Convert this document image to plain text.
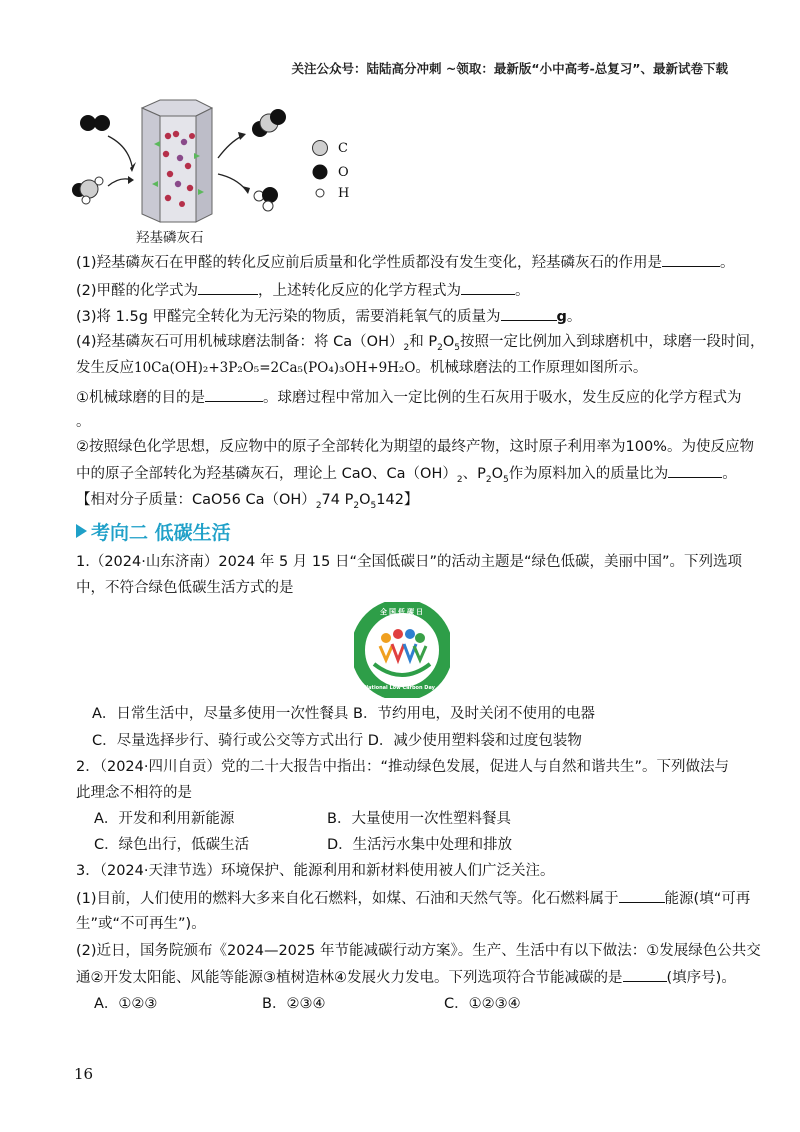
关注公众号：陆陆高分冲刺 ~领取：最新版“小中高考-总复习”、最新试卷下载
C
O
H
羟基磷灰石
(1)羟基磷灰石在甲醛的转化反应前后质量和化学性质都没有发生变化，羟基磷灰石的作用是	。
(2)甲醛的化学式为	，上述转化反应的化学方程式为	。
(3)将 1.5g 甲醛完全转化为无污染的物质，需要消耗氧气的质量为	g。
(4)羟基磷灰石可用机械球磨法制备：将 $Ca(OH)_2$和 $P_2O_5$按照一定比例加入到球磨机中，球磨一段时间，
发生反应10Ca(OH)₂+3P₂O₅=2Ca₅(PO₄)₃OH+9H₂O。机械球磨法的工作原理如图所示。
①机械球磨的目的是	。球磨过程中常加入一定比例的生石灰用于吸水，发生反应的化学方程式为
。
②按照绿色化学思想，反应物中的原子全部转化为期望的最终产物，这时原子利用率为100%。为使反应物
中的原子全部转化为羟基磷灰石，理论上 CaO、$Ca(OH)_2$、$P_2O_5$作为原料加入的质量比为	。
【相对分子质量：CaO56 $Ca(OH)_274$ $P_2O_5142$】
考向二 低碳生活
1.（2024·山东济南）2024 年 5 月 15 日“全国低碳日”的活动主题是“绿色低碳，美丽中国”。下列选项
中，不符合绿色低碳生活方式的是
全国低碳日
National Low Carbon Day
A．日常生活中，尽量多使用一次性餐具 B．节约用电，及时关闭不使用的电器
C．尽量选择步行、骑行或公交等方式出行 D．减少使用塑料袋和过度包装物
2．（2024·四川自贡）党的二十大报告中指出：“推动绿色发展，促进人与自然和谐共生”。下列做法与
此理念不相符的是
A．开发和利用新能源	B．大量使用一次性塑料餐具
C．绿色出行，低碳生活	D．生活污水集中处理和排放
3．（2024·天津节选）环境保护、能源利用和新材料使用被人们广泛关注。
(1)目前，人们使用的燃料大多来自化石燃料，如煤、石油和天然气等。化石燃料属于	能源(填“可再
生”或“不可再生”)。
(2)近日，国务院颁布《2024—2025 年节能减碳行动方案》。生产、生活中有以下做法：①发展绿色公共交
通②开发太阳能、风能等能源③植树造林④发展火力发电。下列选项符合节能减碳的是	(填序号)。
A．①②③	B．②③④	C．①②③④
16
